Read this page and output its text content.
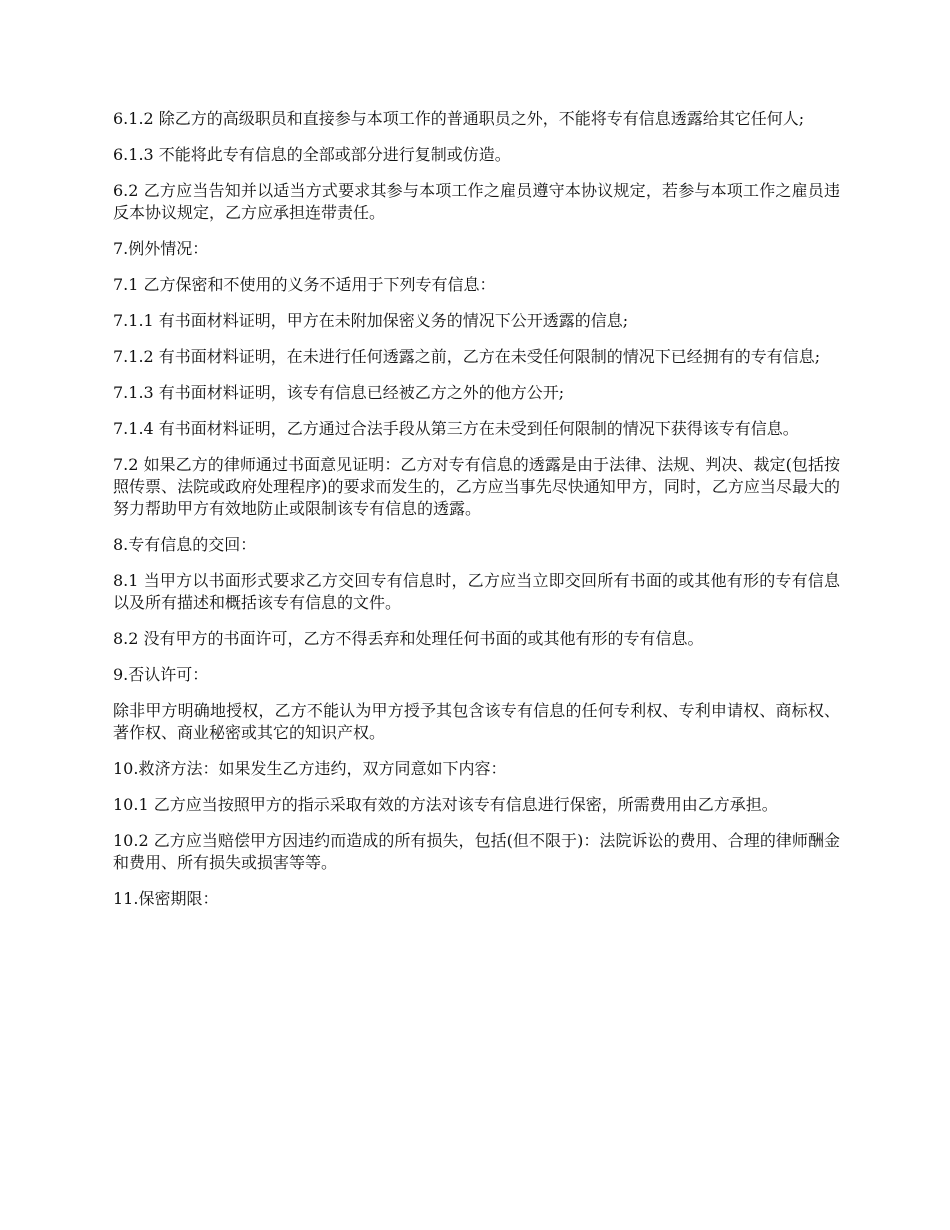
6.1.2 除乙方的高级职员和直接参与本项工作的普通职员之外，不能将专有信息透露给其它任何人;

6.1.3 不能将此专有信息的全部或部分进行复制或仿造。

6.2 乙方应当告知并以适当方式要求其参与本项工作之雇员遵守本协议规定，若参与本项工作之雇员违反本协议规定，乙方应承担连带责任。

7.例外情况：

7.1 乙方保密和不使用的义务不适用于下列专有信息：

7.1.1 有书面材料证明，甲方在未附加保密义务的情况下公开透露的信息;

7.1.2 有书面材料证明，在未进行任何透露之前，乙方在未受任何限制的情况下已经拥有的专有信息;

7.1.3 有书面材料证明，该专有信息已经被乙方之外的他方公开;

7.1.4 有书面材料证明，乙方通过合法手段从第三方在未受到任何限制的情况下获得该专有信息。

7.2 如果乙方的律师通过书面意见证明：乙方对专有信息的透露是由于法律、法规、判决、裁定(包括按照传票、法院或政府处理程序)的要求而发生的，乙方应当事先尽快通知甲方，同时，乙方应当尽最大的努力帮助甲方有效地防止或限制该专有信息的透露。

8.专有信息的交回：

8.1 当甲方以书面形式要求乙方交回专有信息时，乙方应当立即交回所有书面的或其他有形的专有信息以及所有描述和概括该专有信息的文件。

8.2 没有甲方的书面许可，乙方不得丢弃和处理任何书面的或其他有形的专有信息。

9.否认许可：

除非甲方明确地授权，乙方不能认为甲方授予其包含该专有信息的任何专利权、专利申请权、商标权、著作权、商业秘密或其它的知识产权。

10.救济方法：如果发生乙方违约，双方同意如下内容：

10.1 乙方应当按照甲方的指示采取有效的方法对该专有信息进行保密，所需费用由乙方承担。

10.2 乙方应当赔偿甲方因违约而造成的所有损失，包括(但不限于)：法院诉讼的费用、合理的律师酬金和费用、所有损失或损害等等。

11.保密期限：
